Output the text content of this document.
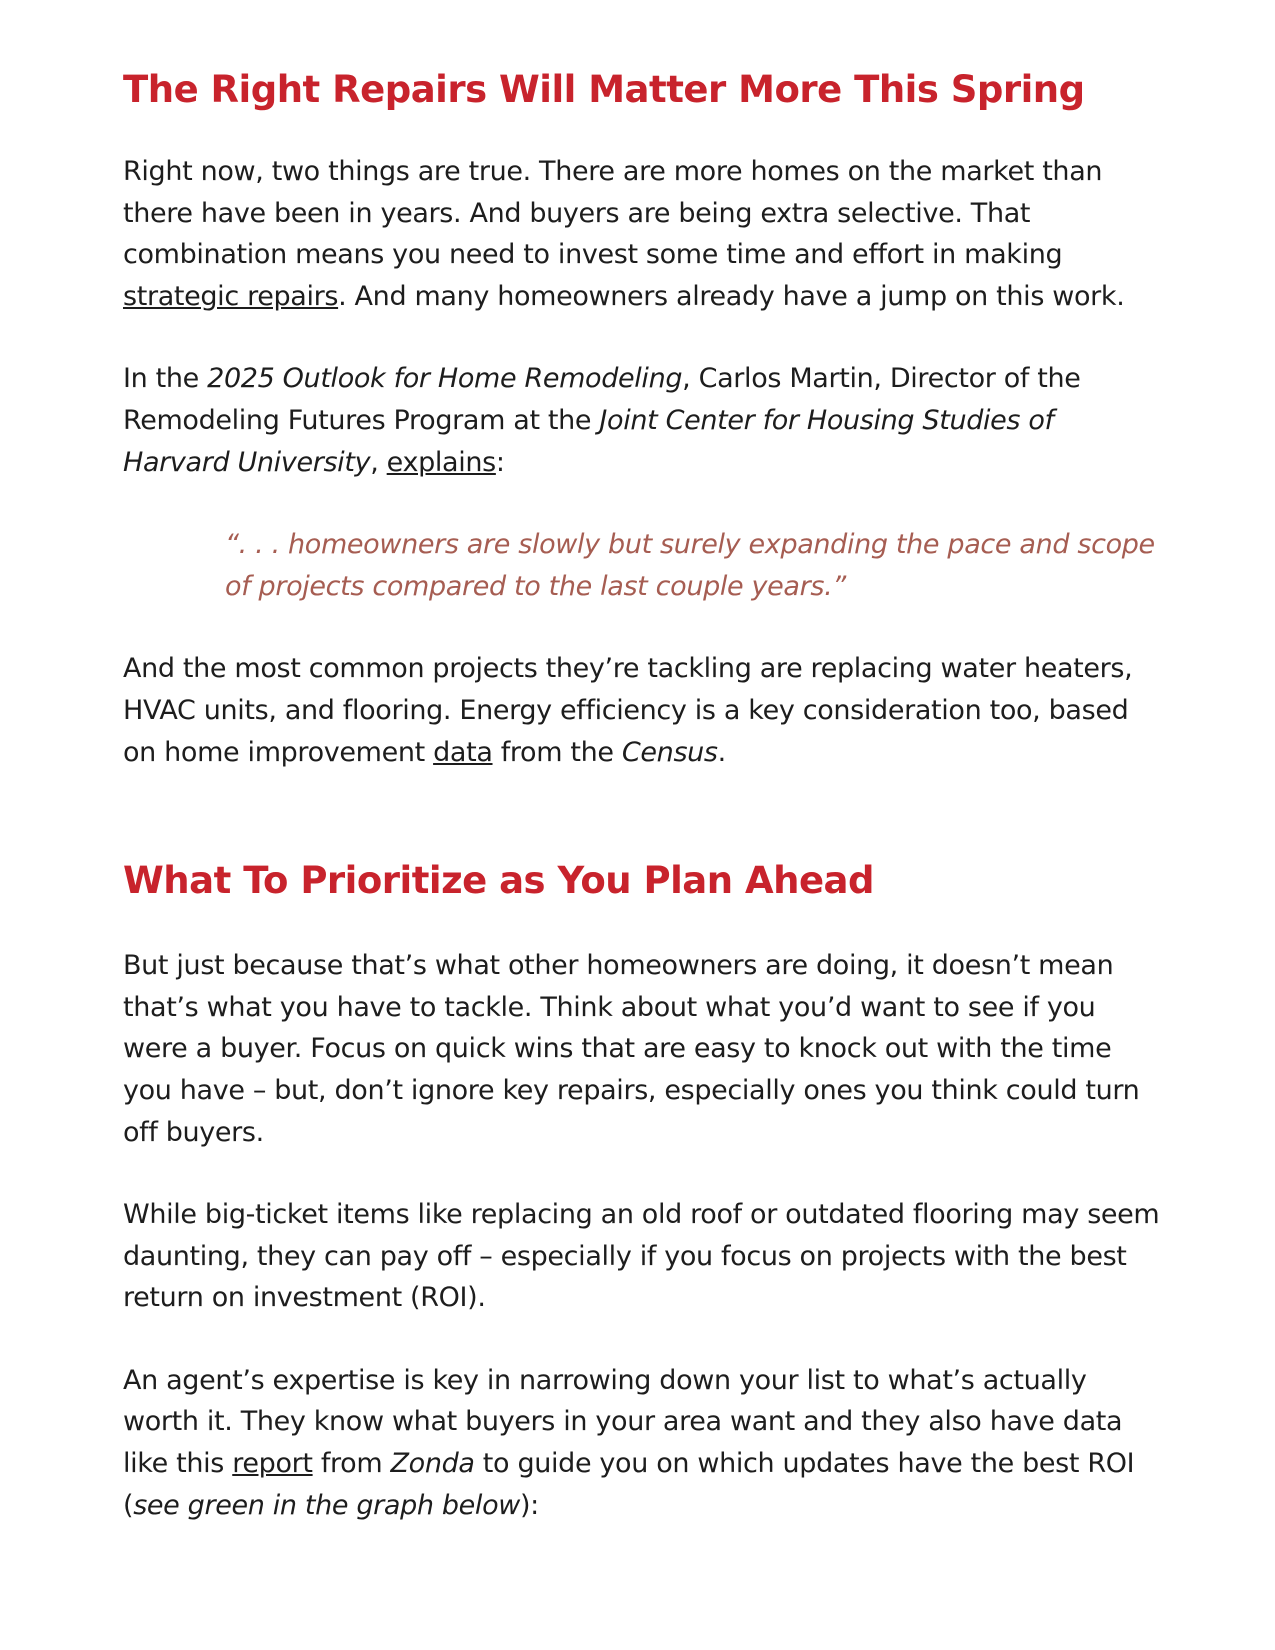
The Right Repairs Will Matter More This Spring

Right now, two things are true. There are more homes on the market than there have been in years. And buyers are being extra selective. That combination means you need to invest some time and effort in making strategic repairs. And many homeowners already have a jump on this work.

In the 2025 Outlook for Home Remodeling, Carlos Martin, Director of the Remodeling Futures Program at the Joint Center for Housing Studies of Harvard University, explains:

“. . . homeowners are slowly but surely expanding the pace and scope of projects compared to the last couple years.”

And the most common projects they’re tackling are replacing water heaters, HVAC units, and flooring. Energy efficiency is a key consideration too, based on home improvement data from the Census.

What To Prioritize as You Plan Ahead

But just because that’s what other homeowners are doing, it doesn’t mean that’s what you have to tackle. Think about what you’d want to see if you were a buyer. Focus on quick wins that are easy to knock out with the time you have – but, don’t ignore key repairs, especially ones you think could turn off buyers.

While big-ticket items like replacing an old roof or outdated flooring may seem daunting, they can pay off – especially if you focus on projects with the best return on investment (ROI).

An agent’s expertise is key in narrowing down your list to what’s actually worth it. They know what buyers in your area want and they also have data like this report from Zonda to guide you on which updates have the best ROI (see green in the graph below):
